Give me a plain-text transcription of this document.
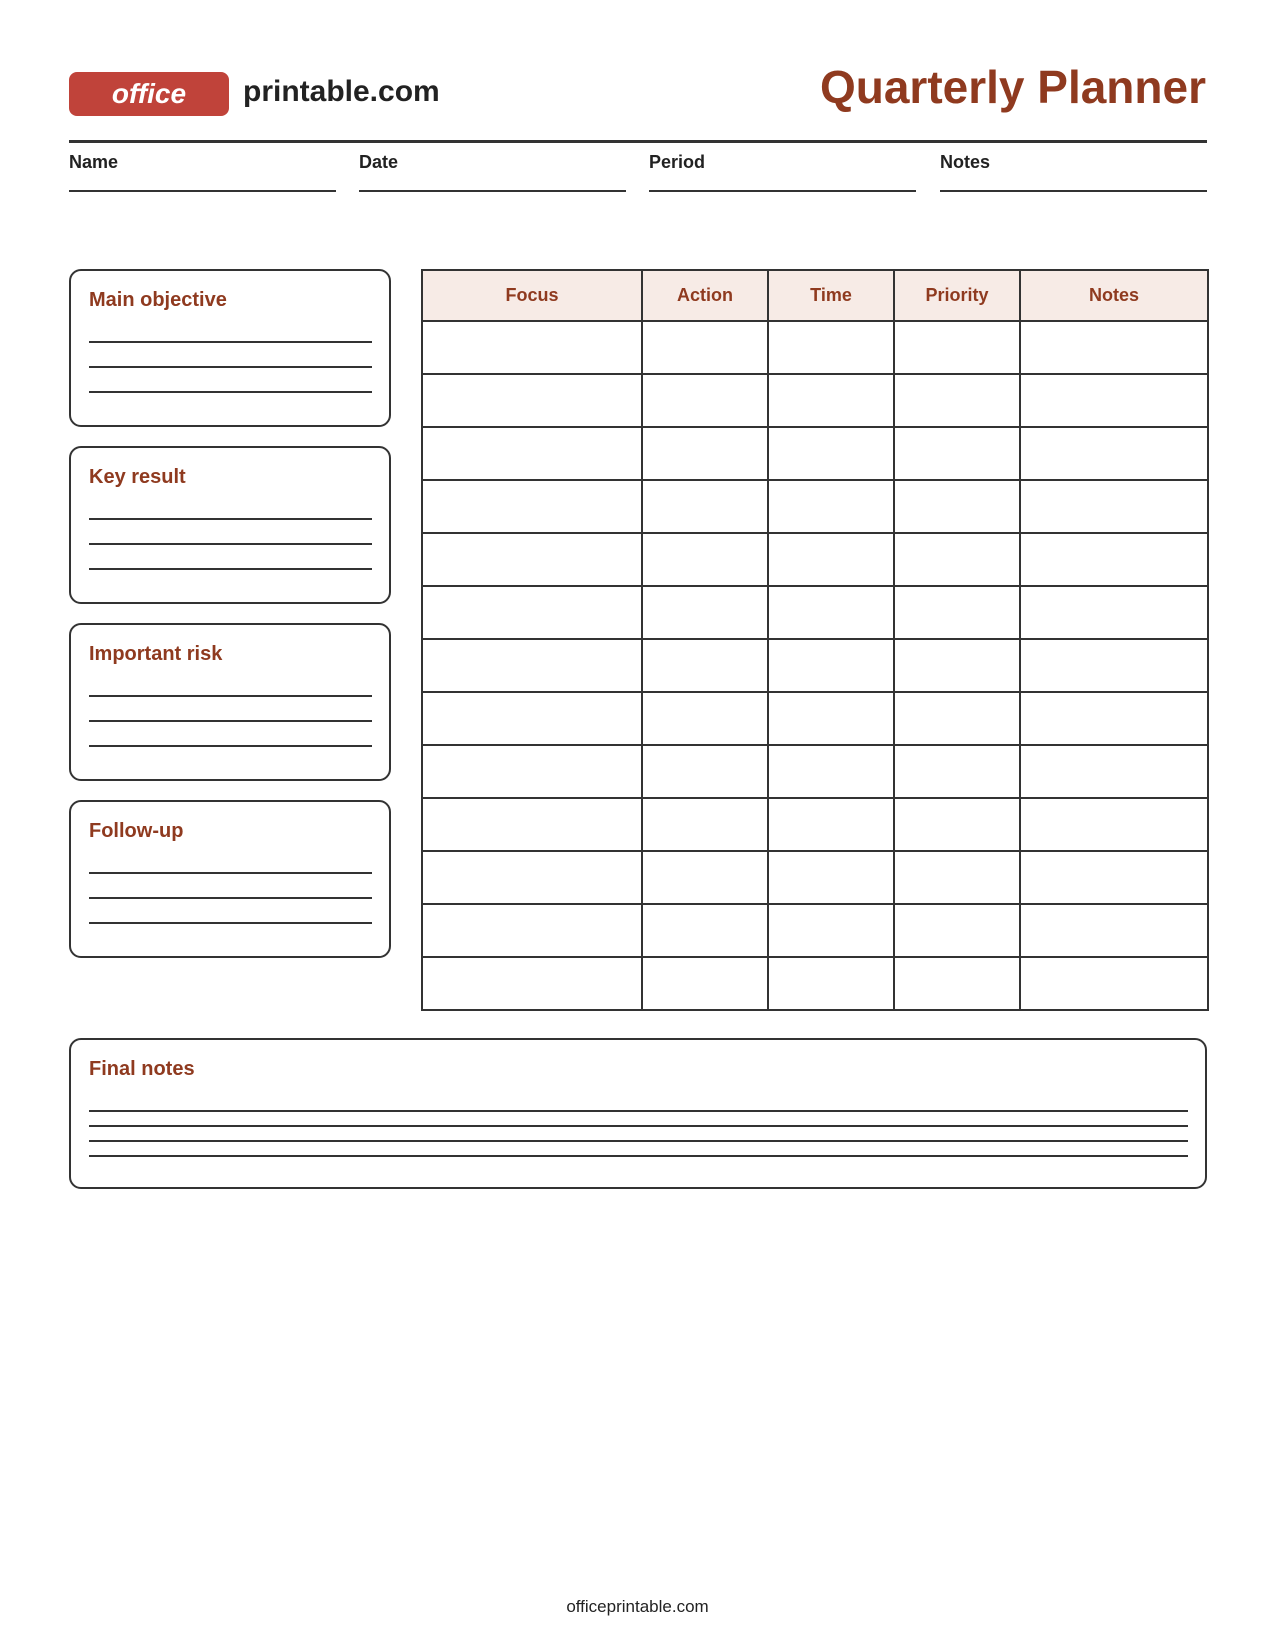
office	printable.com	Quarterly Planner
Name	Date	Period	Notes
Main objective
Key result
Important risk
Follow-up
Focus	Action	Time	Priority	Notes

Final notes
officeprintable.com
